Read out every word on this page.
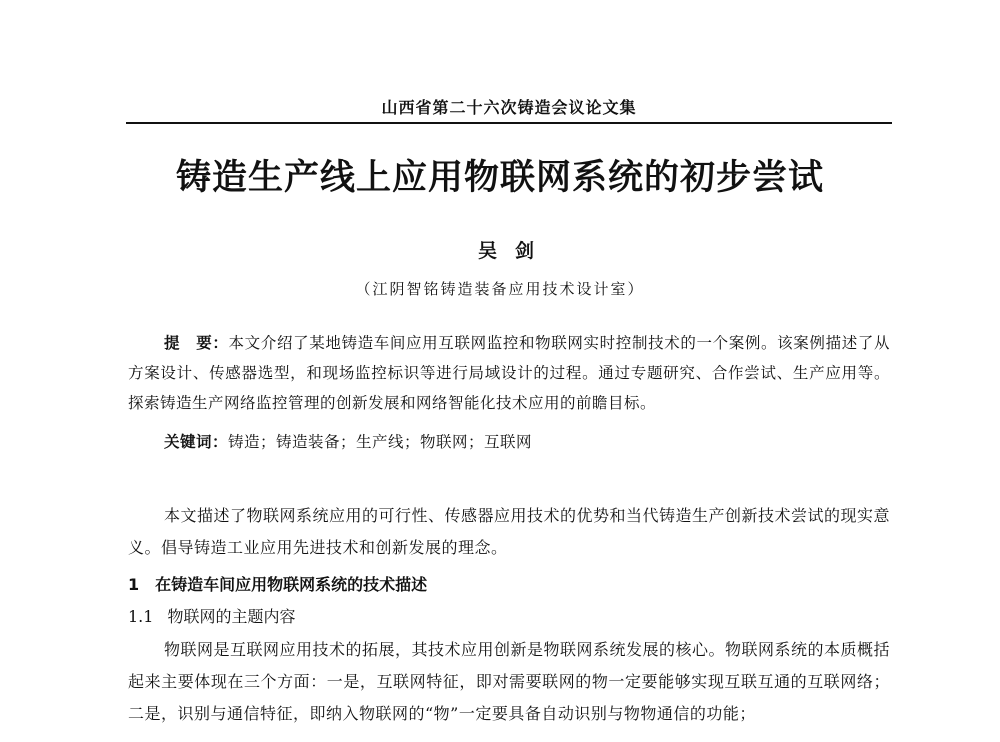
山西省第二十六次铸造会议论文集
铸造生产线上应用物联网系统的初步尝试
吴剑
（江阴智铭铸造装备应用技术设计室）
提　要：本文介绍了某地铸造车间应用互联网监控和物联网实时控制技术的一个案例。该案例描述了从方案设计、传感器选型，和现场监控标识等进行局域设计的过程。通过专题研究、合作尝试、生产应用等。探索铸造生产网络监控管理的创新发展和网络智能化技术应用的前瞻目标。
关键词：铸造；铸造装备；生产线；物联网；互联网
本文描述了物联网系统应用的可行性、传感器应用技术的优势和当代铸造生产创新技术尝试的现实意义。倡导铸造工业应用先进技术和创新发展的理念。
1 在铸造车间应用物联网系统的技术描述
1.1 物联网的主题内容
物联网是互联网应用技术的拓展，其技术应用创新是物联网系统发展的核心。物联网系统的本质概括起来主要体现在三个方面：一是，互联网特征，即对需要联网的物一定要能够实现互联互通的互联网络；二是，识别与通信特征，即纳入物联网的“物”一定要具备自动识别与物物通信的功能；
